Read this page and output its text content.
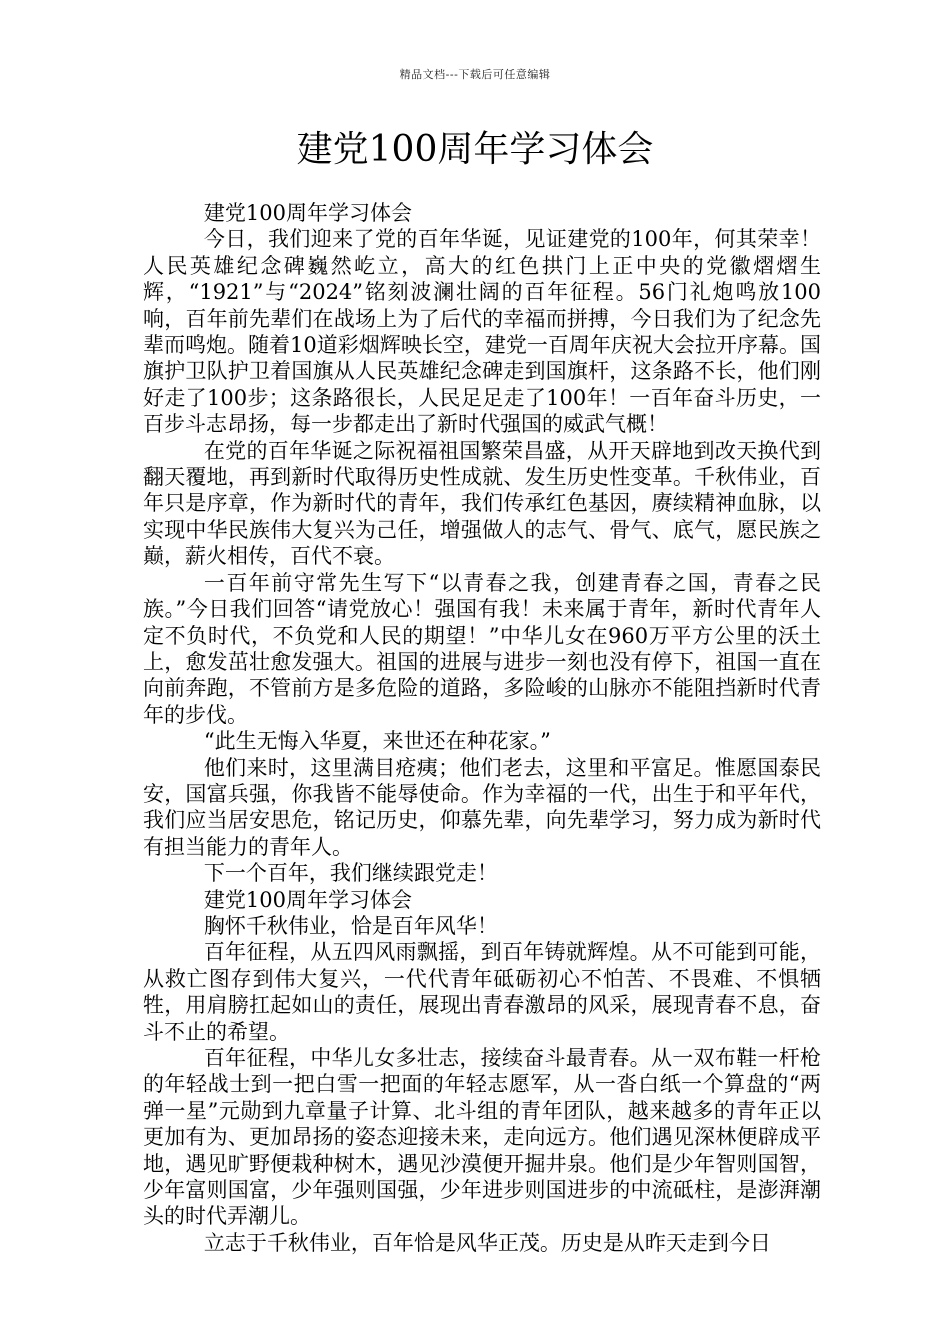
精品文档---下载后可任意编辑
建党100周年学习体会

建党100周年学习体会

今日，我们迎来了党的百年华诞，见证建党的100年，何其荣幸！人民英雄纪念碑巍然屹立，高大的红色拱门上正中央的党徽熠熠生辉，“1921”与“2024”铭刻波澜壮阔的百年征程。56门礼炮鸣放100响，百年前先辈们在战场上为了后代的幸福而拼搏，今日我们为了纪念先辈而鸣炮。随着10道彩烟辉映长空，建党一百周年庆祝大会拉开序幕。国旗护卫队护卫着国旗从人民英雄纪念碑走到国旗杆，这条路不长，他们刚好走了100步；这条路很长，人民足足走了100年！一百年奋斗历史，一百步斗志昂扬，每一步都走出了新时代强国的威武气概！

在党的百年华诞之际祝福祖国繁荣昌盛，从开天辟地到改天换代到翻天覆地，再到新时代取得历史性成就、发生历史性变革。千秋伟业，百年只是序章，作为新时代的青年，我们传承红色基因，赓续精神血脉，以实现中华民族伟大复兴为己任，增强做人的志气、骨气、底气，愿民族之巅，薪火相传，百代不衰。

一百年前守常先生写下“以青春之我，创建青春之国，青春之民族。”今日我们回答“请党放心！强国有我！未来属于青年，新时代青年人定不负时代，不负党和人民的期望！”中华儿女在960万平方公里的沃土上，愈发茁壮愈发强大。祖国的进展与进步一刻也没有停下，祖国一直在向前奔跑，不管前方是多危险的道路，多险峻的山脉亦不能阻挡新时代青年的步伐。

“此生无悔入华夏，来世还在种花家。”

他们来时，这里满目疮痍；他们老去，这里和平富足。惟愿国泰民安，国富兵强，你我皆不能辱使命。作为幸福的一代，出生于和平年代，我们应当居安思危，铭记历史，仰慕先辈，向先辈学习，努力成为新时代有担当能力的青年人。

下一个百年，我们继续跟党走！

建党100周年学习体会

胸怀千秋伟业，恰是百年风华！

百年征程，从五四风雨飘摇，到百年铸就辉煌。从不可能到可能，从救亡图存到伟大复兴，一代代青年砥砺初心不怕苦、不畏难、不惧牺牲，用肩膀扛起如山的责任，展现出青春激昂的风采，展现青春不息，奋斗不止的希望。

百年征程，中华儿女多壮志，接续奋斗最青春。从一双布鞋一杆枪的年轻战士到一把白雪一把面的年轻志愿军，从一沓白纸一个算盘的“两弹一星”元勋到九章量子计算、北斗组的青年团队，越来越多的青年正以更加有为、更加昂扬的姿态迎接未来，走向远方。他们遇见深林便辟成平地，遇见旷野便栽种树木，遇见沙漠便开掘井泉。他们是少年智则国智，少年富则国富，少年强则国强，少年进步则国进步的中流砥柱，是澎湃潮头的时代弄潮儿。

立志于千秋伟业，百年恰是风华正茂。历史是从昨天走到今日
